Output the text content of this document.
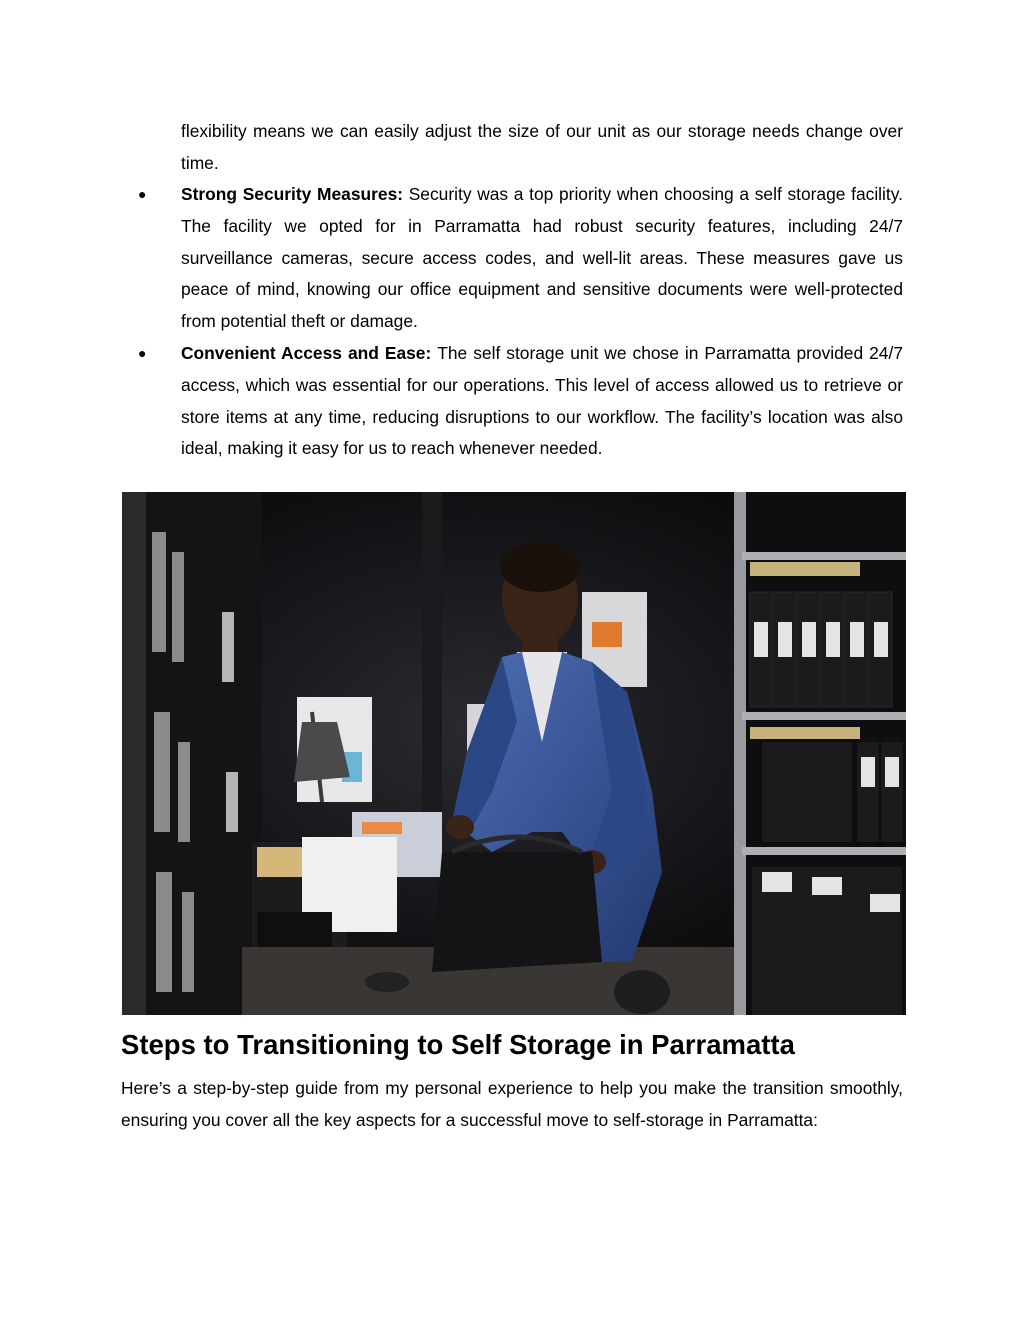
flexibility means we can easily adjust the size of our unit as our storage needs change over time.

● Strong Security Measures: Security was a top priority when choosing a self storage facility. The facility we opted for in Parramatta had robust security features, including 24/7 surveillance cameras, secure access codes, and well-lit areas. These measures gave us peace of mind, knowing our office equipment and sensitive documents were well-protected from potential theft or damage.
● Convenient Access and Ease: The self storage unit we chose in Parramatta provided 24/7 access, which was essential for our operations. This level of access allowed us to retrieve or store items at any time, reducing disruptions to our workflow. The facility’s location was also ideal, making it easy for us to reach whenever needed.
Steps to Transitioning to Self Storage in Parramatta

Here’s a step-by-step guide from my personal experience to help you make the transition smoothly, ensuring you cover all the key aspects for a successful move to self-storage in Parramatta:
